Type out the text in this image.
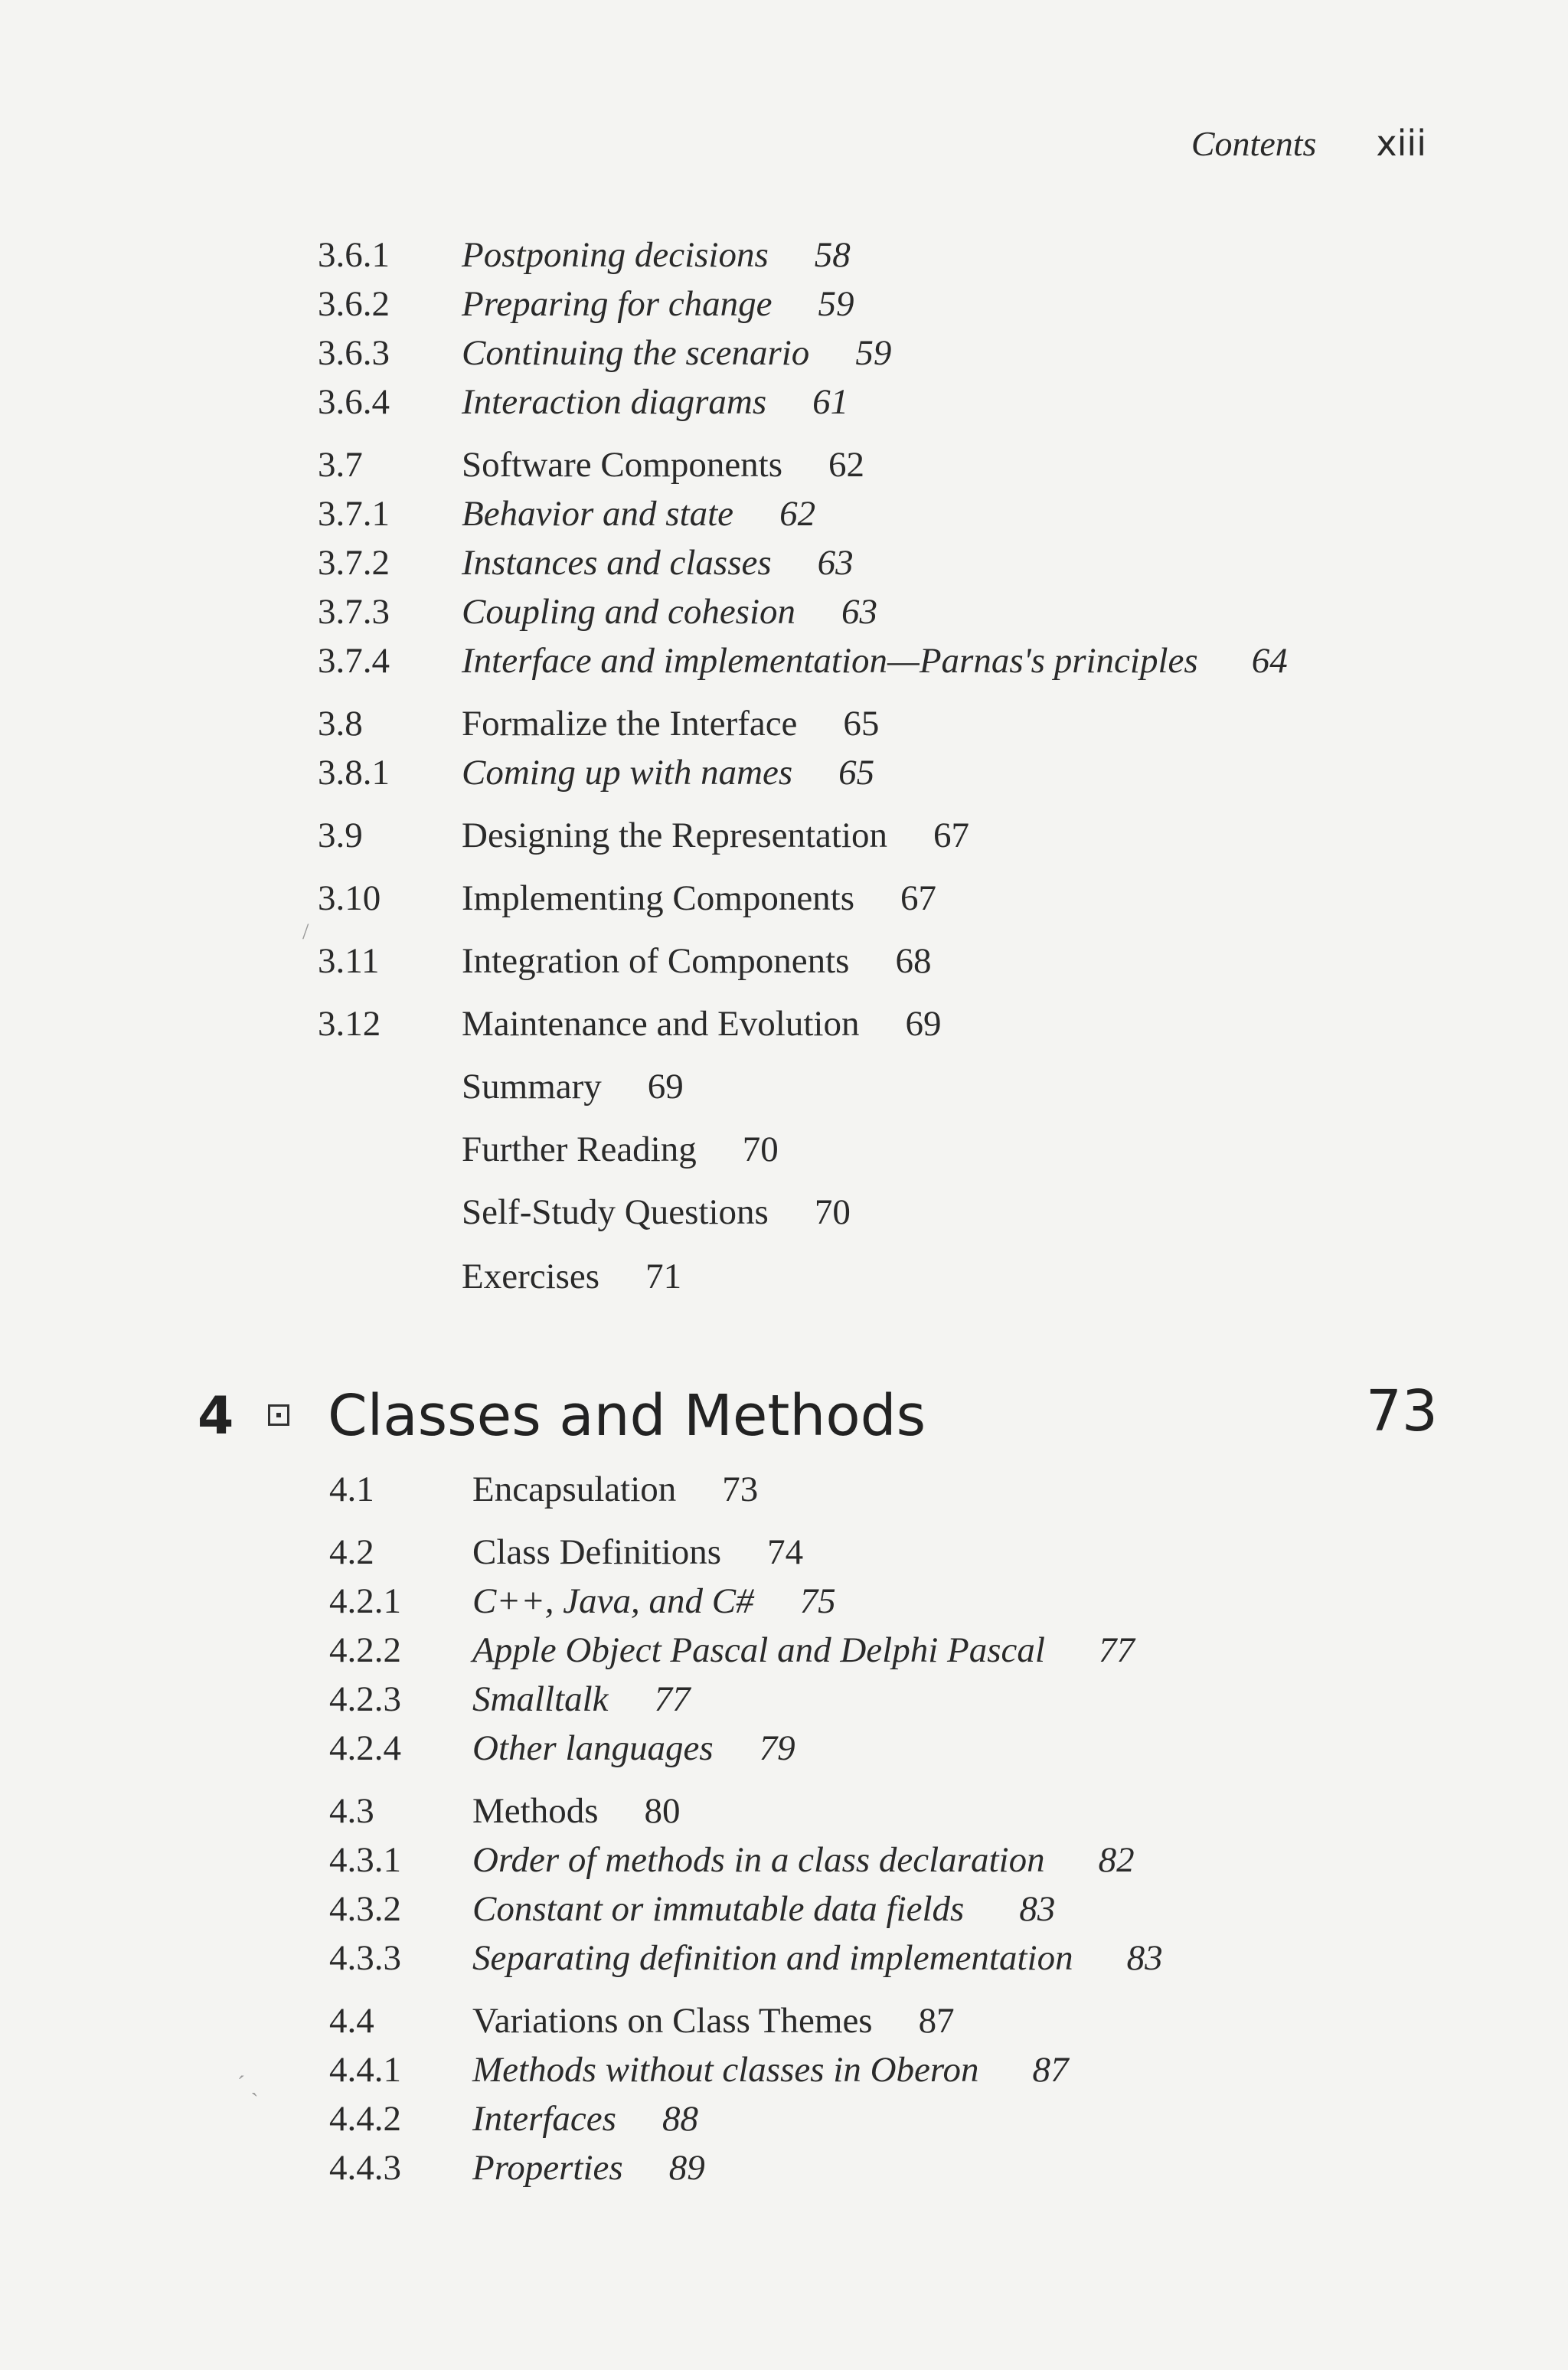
Contents xiii
3.6.1 Postponing decisions 58
3.6.2 Preparing for change 59
3.6.3 Continuing the scenario 59
3.6.4 Interaction diagrams 61
3.7	Software Components 62
3.7.1 Behavior and state 62
3.7.2 Instances and classes 63
3.7.3 Coupling and cohesion 63
3.7.4 Interface and implementation—Parnas's principles 64
3.8	Formalize the Interface 65
3.8.1 Coming up with names 65
3.9	Designing the Representation 67
3.10 Implementing Components 67
3.11 Integration of Components 68
3.12 Maintenance and Evolution 69
Summary 69
Further Reading 70
Self-Study Questions 70
Exercises 71
4 Classes and Methods	73
4.1	Encapsulation 73
4.2	Class Definitions 74
4.2.1 C++, Java, and C# 75
4.2.2 Apple Object Pascal and Delphi Pascal 77
4.2.3 Smalltalk 77
4.2.4 Other languages 79
4.3	Methods 80
4.3.1 Order of methods in a class declaration 82
4.3.2 Constant or immutable data fields 83
4.3.3 Separating definition and implementation 83
4.4	Variations on Class Themes 87
4.4.1 Methods without classes in Oberon 87
4.4.2 Interfaces 88
4.4.3 Properties 89
/
ˊ ˏ
